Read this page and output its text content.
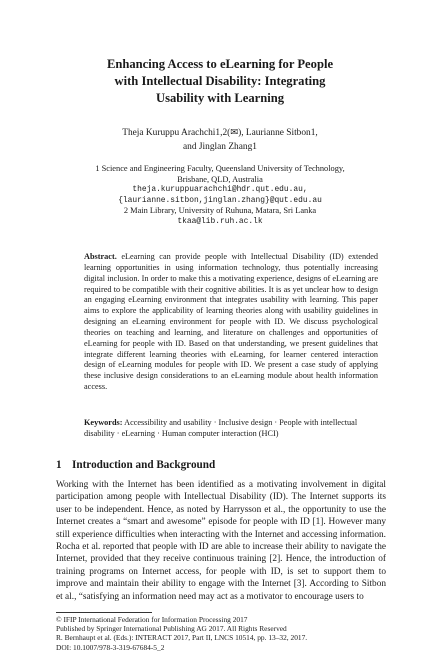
Enhancing Access to eLearning for People
with Intellectual Disability: Integrating
Usability with Learning
Theja Kuruppu Arachchi1,2(✉), Laurianne Sitbon1,
and Jinglan Zhang1
1 Science and Engineering Faculty, Queensland University of Technology,
Brisbane, QLD, Australia
theja.kuruppuarachchi@hdr.qut.edu.au,
{laurianne.sitbon,jinglan.zhang}@qut.edu.au
2 Main Library, University of Ruhuna, Matara, Sri Lanka
tkaa@lib.ruh.ac.lk

Abstract. eLearning can provide people with Intellectual Disability (ID) extended learning opportunities in using information technology, thus potentially increasing digital inclusion. In order to make this a motivating experience, designs of eLearning are required to be compatible with their cognitive abilities. It is as yet unclear how to design an engaging eLearning environment that integrates usability with learning. This paper aims to explore the applicability of learning theories along with usability guidelines in designing an eLearning environment for people with ID. We discuss psychological theories on teaching and learning, and literature on challenges and opportunities of eLearning for people with ID. Based on that understanding, we present guidelines that integrate different learning theories with eLearning, for learner centered interaction design of eLearning modules for people with ID. We present a case study of applying these inclusive design considerations to an eLearning module about health information access.

Keywords: Accessibility and usability · Inclusive design · People with intellectual disability · eLearning · Human computer interaction (HCI)

1 Introduction and Background

Working with the Internet has been identified as a motivating involvement in digital participation among people with Intellectual Disability (ID). The Internet supports its user to be independent. Hence, as noted by Harrysson et al., the opportunity to use the Internet creates a “smart and awesome” episode for people with ID [1]. However many still experience difficulties when interacting with the Internet and accessing information. Rocha et al. reported that people with ID are able to increase their ability to navigate the Internet, provided that they receive continuous training [2]. Hence, the introduction of training programs on Internet access, for people with ID, is set to support them to improve and maintain their ability to engage with the Internet [3]. According to Sitbon et al., “satisfying an information need may act as a motivator to encourage users to

© IFIP International Federation for Information Processing 2017
Published by Springer International Publishing AG 2017. All Rights Reserved
R. Bernhaupt et al. (Eds.): INTERACT 2017, Part II, LNCS 10514, pp. 13–32, 2017.
DOI: 10.1007/978-3-319-67684-5_2
